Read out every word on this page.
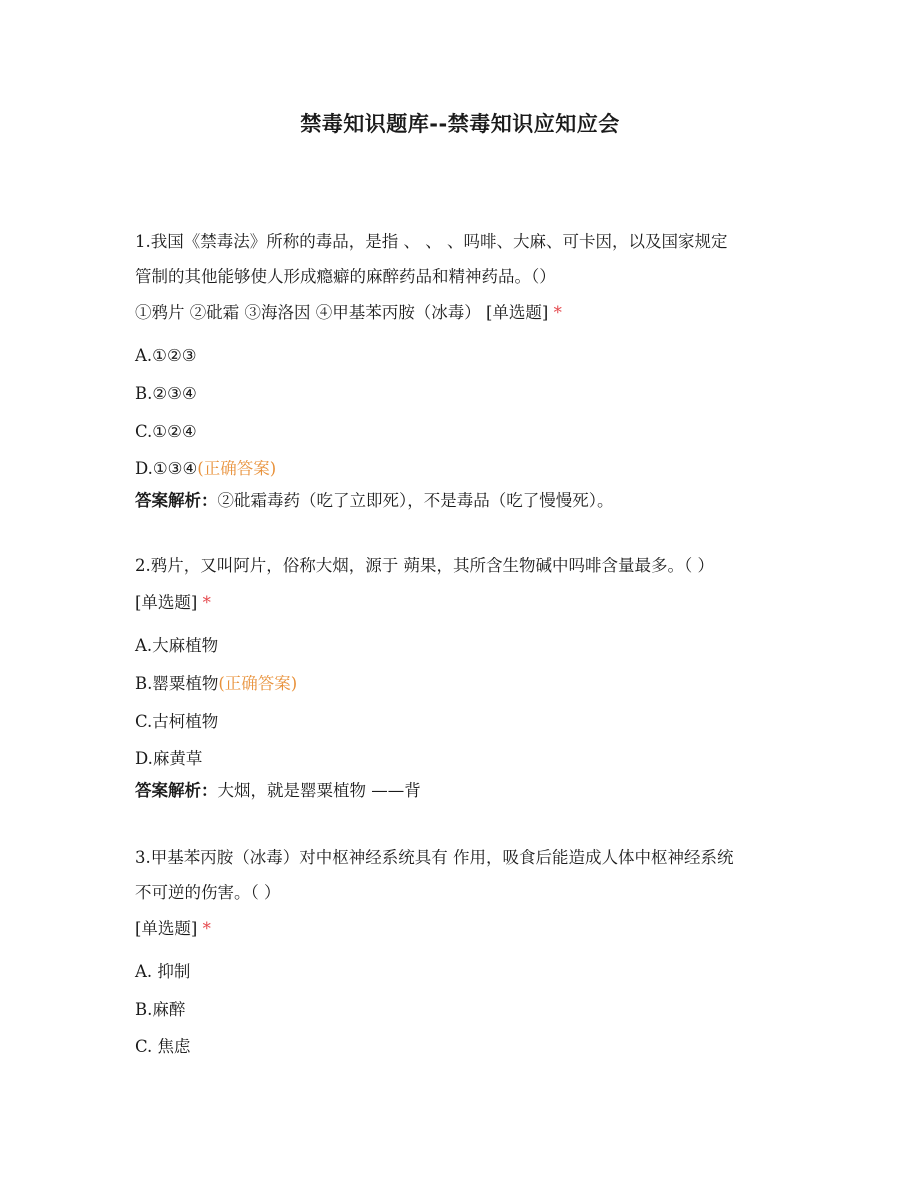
禁毒知识题库--禁毒知识应知应会
1.我国《禁毒法》所称的毒品，是指 、 、 、吗啡、大麻、可卡因，以及国家规定
管制的其他能够使人形成瘾癖的麻醉药品和精神药品。（）
①鸦片 ②砒霜 ③海洛因 ④甲基苯丙胺（冰毒） [单选题] *
A.①②③
B.②③④
C.①②④
D.①③④(正确答案)
答案解析：②砒霜毒药（吃了立即死），不是毒品（吃了慢慢死）。
2.鸦片，又叫阿片，俗称大烟，源于 蒴果，其所含生物碱中吗啡含量最多。（ ）
[单选题] *
A.大麻植物
B.罂粟植物(正确答案)
C.古柯植物
D.麻黄草
答案解析：大烟，就是罂粟植物 ——背
3.甲基苯丙胺（冰毒）对中枢神经系统具有 作用，吸食后能造成人体中枢神经系统
不可逆的伤害。（ ）
[单选题] *
A. 抑制
B.麻醉
C. 焦虑
